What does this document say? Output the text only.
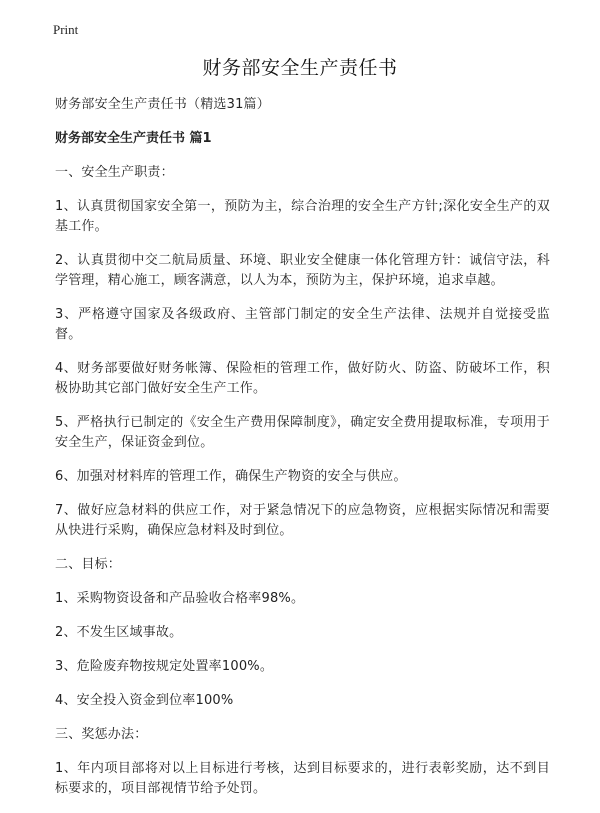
Print
财务部安全生产责任书

财务部安全生产责任书（精选31篇）

财务部安全生产责任书 篇1

一、安全生产职责：

1、认真贯彻国家安全第一，预防为主，综合治理的安全生产方针;深化安全生产的双基工作。

2、认真贯彻中交二航局质量、环境、职业安全健康一体化管理方针：诚信守法，科学管理，精心施工，顾客满意，以人为本，预防为主，保护环境，追求卓越。

3、严格遵守国家及各级政府、主管部门制定的安全生产法律、法规并自觉接受监督。

4、财务部要做好财务帐簿、保险柜的管理工作，做好防火、防盗、防破坏工作，积极协助其它部门做好安全生产工作。

5、严格执行已制定的《安全生产费用保障制度》，确定安全费用提取标准，专项用于安全生产，保证资金到位。

6、加强对材料库的管理工作，确保生产物资的安全与供应。

7、做好应急材料的供应工作，对于紧急情况下的应急物资，应根据实际情况和需要从快进行采购，确保应急材料及时到位。

二、目标：

1、采购物资设备和产品验收合格率98%。

2、不发生区域事故。

3、危险废弃物按规定处置率100%。

4、安全投入资金到位率100%

三、奖惩办法：

1、年内项目部将对以上目标进行考核，达到目标要求的，进行表彰奖励，达不到目标要求的，项目部视情节给予处罚。
